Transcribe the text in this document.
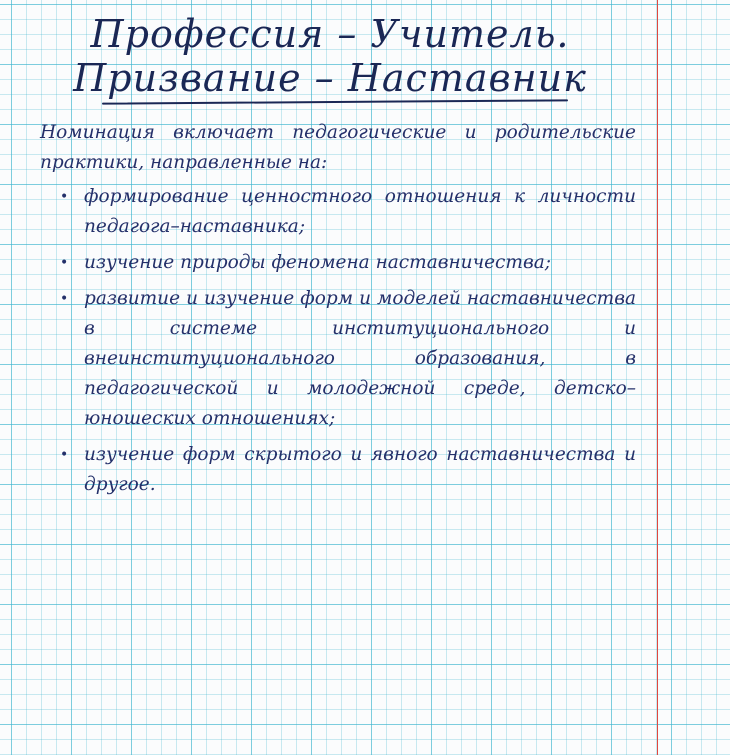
Профессия – Учитель.
Призвание – Наставник

Номинация включает педагогические и родительские практики, направленные на:

• формирование ценностного отношения к личности педагога–наставника;
• изучение природы феномена наставничества;
• развитие и изучение форм и моделей наставничества в системе институционального и внеинституционального образования, в педагогической и молодежной среде, детско–юношеских отношениях;
• изучение форм скрытого и явного наставничества и другое.
